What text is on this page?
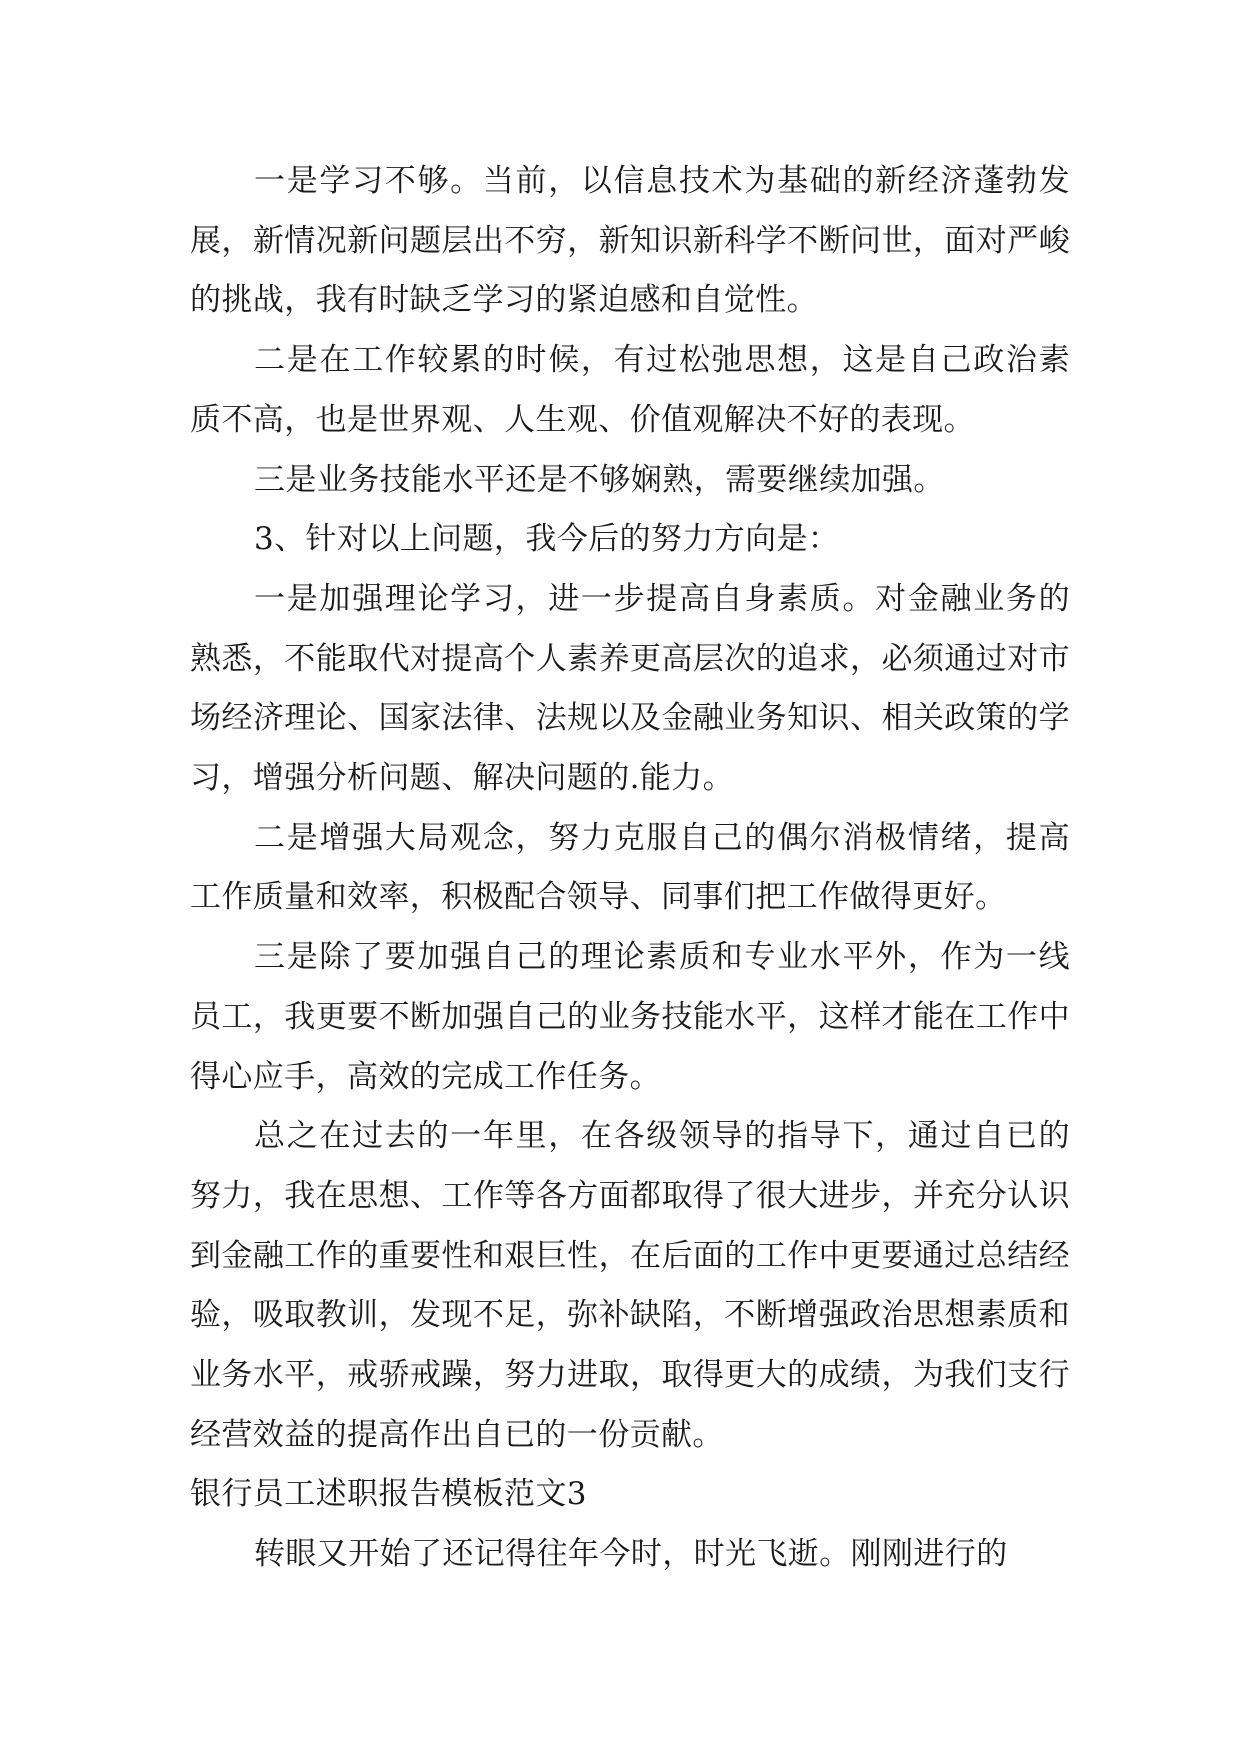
一是学习不够。当前，以信息技术为基础的新经济蓬勃发展，新情况新问题层出不穷，新知识新科学不断问世，面对严峻的挑战，我有时缺乏学习的紧迫感和自觉性。

二是在工作较累的时候，有过松弛思想，这是自己政治素质不高，也是世界观、人生观、价值观解决不好的表现。

三是业务技能水平还是不够娴熟，需要继续加强。

3、针对以上问题，我今后的努力方向是：

一是加强理论学习，进一步提高自身素质。对金融业务的熟悉，不能取代对提高个人素养更高层次的追求，必须通过对市场经济理论、国家法律、法规以及金融业务知识、相关政策的学习，增强分析问题、解决问题的.能力。

二是增强大局观念，努力克服自己的偶尔消极情绪，提高工作质量和效率，积极配合领导、同事们把工作做得更好。

三是除了要加强自己的理论素质和专业水平外，作为一线员工，我更要不断加强自己的业务技能水平，这样才能在工作中得心应手，高效的完成工作任务。

总之在过去的一年里，在各级领导的指导下，通过自已的努力，我在思想、工作等各方面都取得了很大进步，并充分认识到金融工作的重要性和艰巨性，在后面的工作中更要通过总结经验，吸取教训，发现不足，弥补缺陷，不断增强政治思想素质和业务水平，戒骄戒躁，努力进取，取得更大的成绩，为我们支行经营效益的提高作出自已的一份贡献。

银行员工述职报告模板范文3

转眼又开始了还记得往年今时，时光飞逝。刚刚进行的
